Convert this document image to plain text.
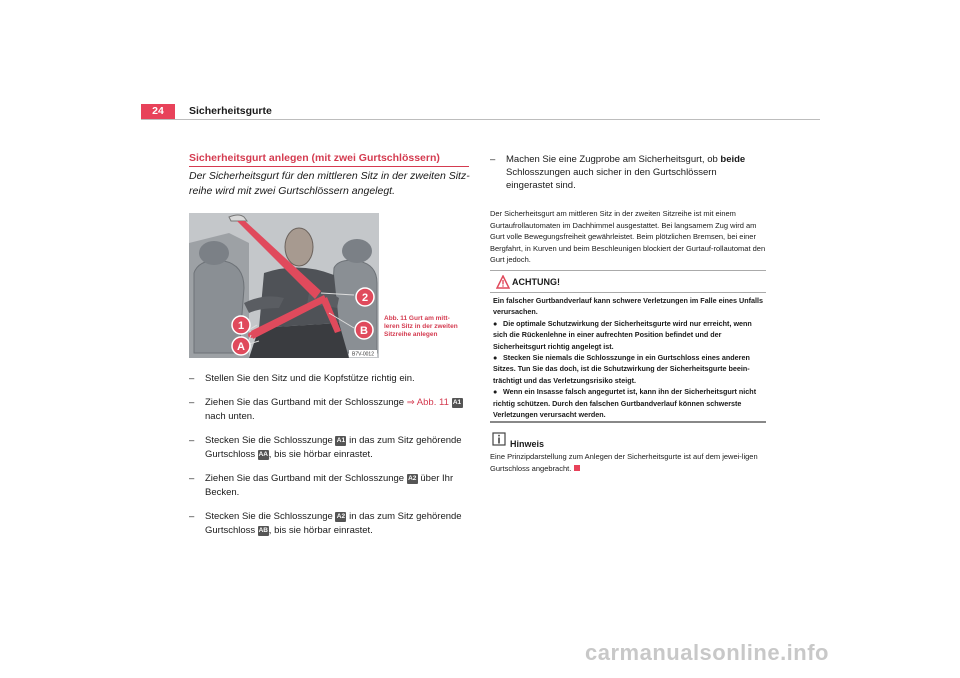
24	Sicherheitsgurte
Sicherheitsgurt anlegen (mit zwei Gurtschlössern)
Der Sicherheitsgurt für den mittleren Sitz in der zweiten Sitz-reihe wird mit zwei Gurtschlössern angelegt.
2
B
1
A
B7V-0012
Abb. 11 Gurt am mitt-leren Sitz in der zweiten Sitzreihe anlegen
– Stellen Sie den Sitz und die Kopfstütze richtig ein.
– Ziehen Sie das Gurtband mit der Schlosszunge ⇒ Abb. 11 A1
nach unten.
– Stecken Sie die Schlosszunge A1 in das zum Sitz gehörende Gurtschloss AA, bis sie hörbar einrastet.
– Ziehen Sie das Gurtband mit der Schlosszunge A2 über Ihr Becken.
– Stecken Sie die Schlosszunge A2 in das zum Sitz gehörende Gurtschloss AB, bis sie hörbar einrastet.
– Machen Sie eine Zugprobe am Sicherheitsgurt, ob beide Schlosszungen auch sicher in den Gurtschlössern eingerastet sind.
Der Sicherheitsgurt am mittleren Sitz in der zweiten Sitzreihe ist mit einem Gurtaufrollautomaten im Dachhimmel ausgestattet. Bei langsamem Zug wird am Gurt volle Bewegungsfreiheit gewährleistet. Beim plötzlichen Bremsen, bei einer Bergfahrt, in Kurven und beim Beschleunigen blockiert der Gurtauf-rollautomat den Gurt jedoch.
ACHTUNG!

Ein falscher Gurtbandverlauf kann schwere Verletzungen im Falle eines Unfalls verursachen.

● Die optimale Schutzwirkung der Sicherheitsgurte wird nur erreicht, wenn sich die Rückenlehne in einer aufrechten Position befindet und der Sicherheitsgurt richtig angelegt ist.

● Stecken Sie niemals die Schlosszunge in ein Gurtschloss eines anderen Sitzes. Tun Sie das doch, ist die Schutzwirkung der Sicherheitsgurte beein-trächtigt und das Verletzungsrisiko steigt.

● Wenn ein Insasse falsch angegurtet ist, kann ihn der Sicherheitsgurt nicht richtig schützen. Durch den falschen Gurtbandverlauf können schwerste Verletzungen verursacht werden.

Hinweis
Eine Prinzipdarstellung zum Anlegen der Sicherheitsgurte ist auf dem jewei-ligen Gurtschloss angebracht.
carmanualsonline.info
